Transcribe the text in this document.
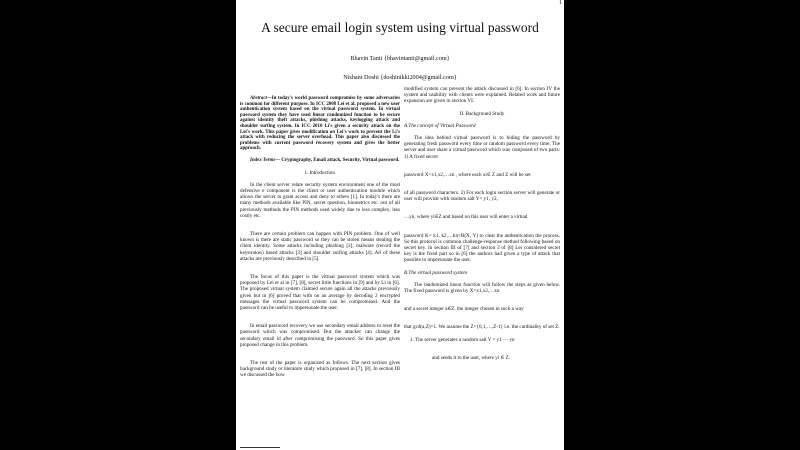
1
A secure email login system using virtual password
Bhavin Tanti {bhavintanti@gmail.com}
Nishant Doshi {doshinikki2004@gmail.com}

Abstract—In today's world password compromise by some adversaries is common for different purpose. In ICC 2008 Lei et al. proposed a new user authentication system based on the virtual password system. In virtual password system they have used linear randomized function to be secure against identity theft attacks, phishing attacks, keylogging attack and shoulder surfing system. In ICC 2010 Li's given a security attack on the Lei's work. This paper gives modification on Lei's work to prevent the Li's attack with reducing the server overhead. This paper also discussed the problems with current password recovery system and gives the better approach.

Index Terms— Cryptography, Email attack, Security, Virtual password.

I. Introduction

In the client server relate security system environment one of the most defensive e component is the client or user authentication module which allows the server to grant access and deny to others [1]. In today's there are many methods available like PIN, secret question, biometrics etc. out of all previously methods the PIN methods used widely due to less complex, less costly etc.

There are certain problem can happen with PIN problem. One of well known is there are static password so they can be stolen means stealing the client identity. Some attacks including phishing [2], malware (record the keystrokes) based attacks [3] and shoulder surfing attacks [4]. All of these attacks are previously described in [5].

The focus of this paper is the virtual password system which was proposed by Lei et al in [7], [8], secret little functions in [9] and by Li in [6]. The proposed virtual system claimed secure again all the attacks previously given but in [6] proved that with on an average by decoding 2 encrypted messages the virtual password system can be compromised. And the password can be useful to impersonate the user.

In email password recovery we use secondary email address to reset the password which was compromised. But the attacker can change the secondary email id after compromising the password. So this paper gives proposed change in this problem.

The rest of the paper is organized as follows. The next section gives background study or literature study which proposed in [7], [8]. In section III we discussed the how

modified system can prevent the attack discussed in [6]. In section IV the system and usability with clients were explained. Related work and future expansion are given in section VI.

II. Background Study

A.The concept of Virtual Password

The idea behind virtual password is to hiding the password by generating fresh password every time or random password every time. The server and user share a virtual password which was composed of two parts: 1) A fixed secret

password X=x1,x2,…xn , where each xi∈ Z and Z will be set

of all password characters. 2) For each login section server will generate or user will provide with random salt Y= y1, y2,

…yn, where yi∈Z and based on this user will enter a virtual

password K= k1, k2,…kn=B(X, Y) to clear the authentication the process. So this protocol is common challenge-response method following based on secret key. In section III of [7] and section 3 of [8] Lei considered secret key is the fixed part so in [6] the authors had given a type of attack that possible to impersonate the user.

B.The virtual password system

The randomized linear function will follow the steps as given below. The fixed password is given by X=x1,x2,…xn

and a secret integer a∈Z. the integer chosen in such a way

that gcd(a,Z)=1. We assume the Z={0,1,…,Z-1} i.e. the cardinality of set Z.

1. The server generates a random salt Y = y1 ··· yn

and sends it to the user, where yi ∈ Z.
